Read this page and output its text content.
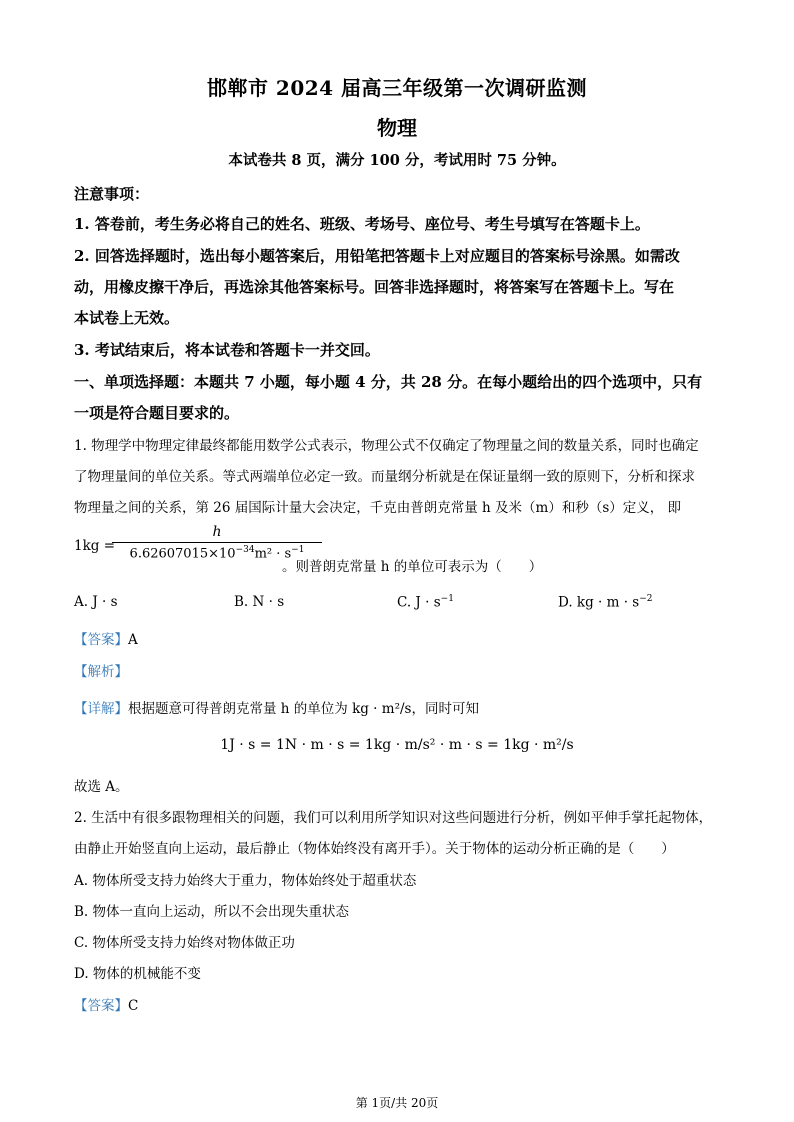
邯郸市 2024 届高三年级第一次调研监测
物理
本试卷共 8 页，满分 100 分，考试用时 75 分钟。
注意事项：
1. 答卷前，考生务必将自己的姓名、班级、考场号、座位号、考生号填写在答题卡上。
2. 回答选择题时，选出每小题答案后，用铅笔把答题卡上对应题目的答案标号涂黑。如需改
动，用橡皮擦干净后，再选涂其他答案标号。回答非选择题时，将答案写在答题卡上。写在
本试卷上无效。
3. 考试结束后，将本试卷和答题卡一并交回。
一、单项选择题：本题共 7 小题，每小题 4 分，共 28 分。在每小题给出的四个选项中，只有
一项是符合题目要求的。
1. 物理学中物理定律最终都能用数学公式表示，物理公式不仅确定了物理量之间的数量关系，同时也确定
了物理量间的单位关系。等式两端单位必定一致。而量纲分析就是在保证量纲一致的原则下，分析和探求
物理量之间的关系，第 26 届国际计量大会决定，千克由普朗克常量 h 及米（m）和秒（s）定义， 即
1kg =
$\frac{h}{6.62607015\times 10^{-34}m^2 \cdot s^{-1}}$
。则普朗克常量 h 的单位可表示为（　　）
A. J · s	B. N · s	C. $J \cdot s^{-1}$	D. kg · $m \cdot s^{-2}$
【答案】A
【解析】
【详解】根据题意可得普朗克常量 h 的单位为 kg · m²/s，同时可知
1J · s = 1N · m · s = 1kg · m/s² · m · s = 1kg · m²/s
故选 A。
2. 生活中有很多跟物理相关的问题，我们可以利用所学知识对这些问题进行分析，例如平伸手掌托起物体，
由静止开始竖直向上运动，最后静止（物体始终没有离开手）。关于物体的运动分析正确的是（　　）
A. 物体所受支持力始终大于重力，物体始终处于超重状态
B. 物体一直向上运动，所以不会出现失重状态
C. 物体所受支持力始终对物体做正功
D. 物体的机械能不变
【答案】C
第 1页/共 20页
